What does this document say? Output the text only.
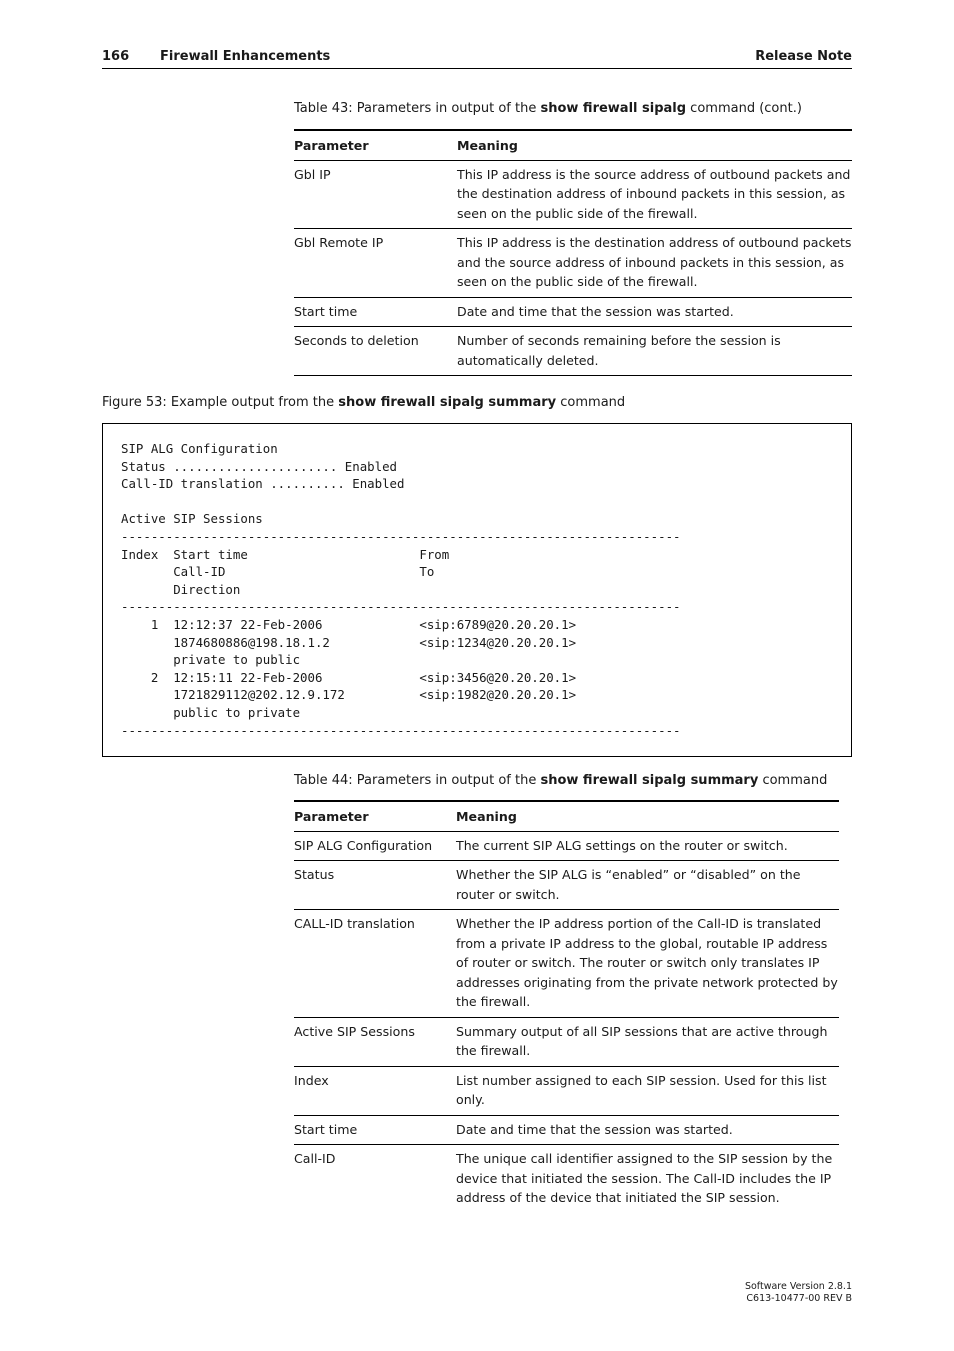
166 Firewall Enhancements	Release Note
Table 43: Parameters in output of the show firewall sipalg command (cont.)
Parameter	Meaning
Gbl IP	This IP address is the source address of outbound packets and the destination address of inbound packets in this session, as seen on the public side of the firewall.
Gbl Remote IP	This IP address is the destination address of outbound packets and the source address of inbound packets in this session, as seen on the public side of the firewall.
Start time	Date and time that the session was started.
Seconds to deletion	Number of seconds remaining before the session is automatically deleted.
Figure 53: Example output from the show firewall sipalg summary command
SIP ALG Configuration
Status ...................... Enabled
Call-ID translation .......... Enabled

Active SIP Sessions
---------------------------------------------------------------------------
Index  Start time                       From
Call-ID                          To
Direction
---------------------------------------------------------------------------
1  12:12:37 22-Feb-2006             <sip:6789@20.20.20.1>
1874680886@198.18.1.2            <sip:1234@20.20.20.1>
private to public
2  12:15:11 22-Feb-2006             <sip:3456@20.20.20.1>
1721829112@202.12.9.172          <sip:1982@20.20.20.1>
public to private
---------------------------------------------------------------------------
Table 44: Parameters in output of the show firewall sipalg summary command
Parameter	Meaning
SIP ALG Configuration	The current SIP ALG settings on the router or switch.
Status	Whether the SIP ALG is “enabled” or “disabled” on the router or switch.
CALL-ID translation	Whether the IP address portion of the Call-ID is translated from a private IP address to the global, routable IP address of router or switch. The router or switch only translates IP addresses originating from the private network protected by the firewall.
Active SIP Sessions	Summary output of all SIP sessions that are active through the firewall.
Index	List number assigned to each SIP session. Used for this list only.
Start time	Date and time that the session was started.
Call-ID	The unique call identifier assigned to the SIP session by the device that initiated the session. The Call-ID includes the IP address of the device that initiated the SIP session.
Software Version 2.8.1
C613-10477-00 REV B
